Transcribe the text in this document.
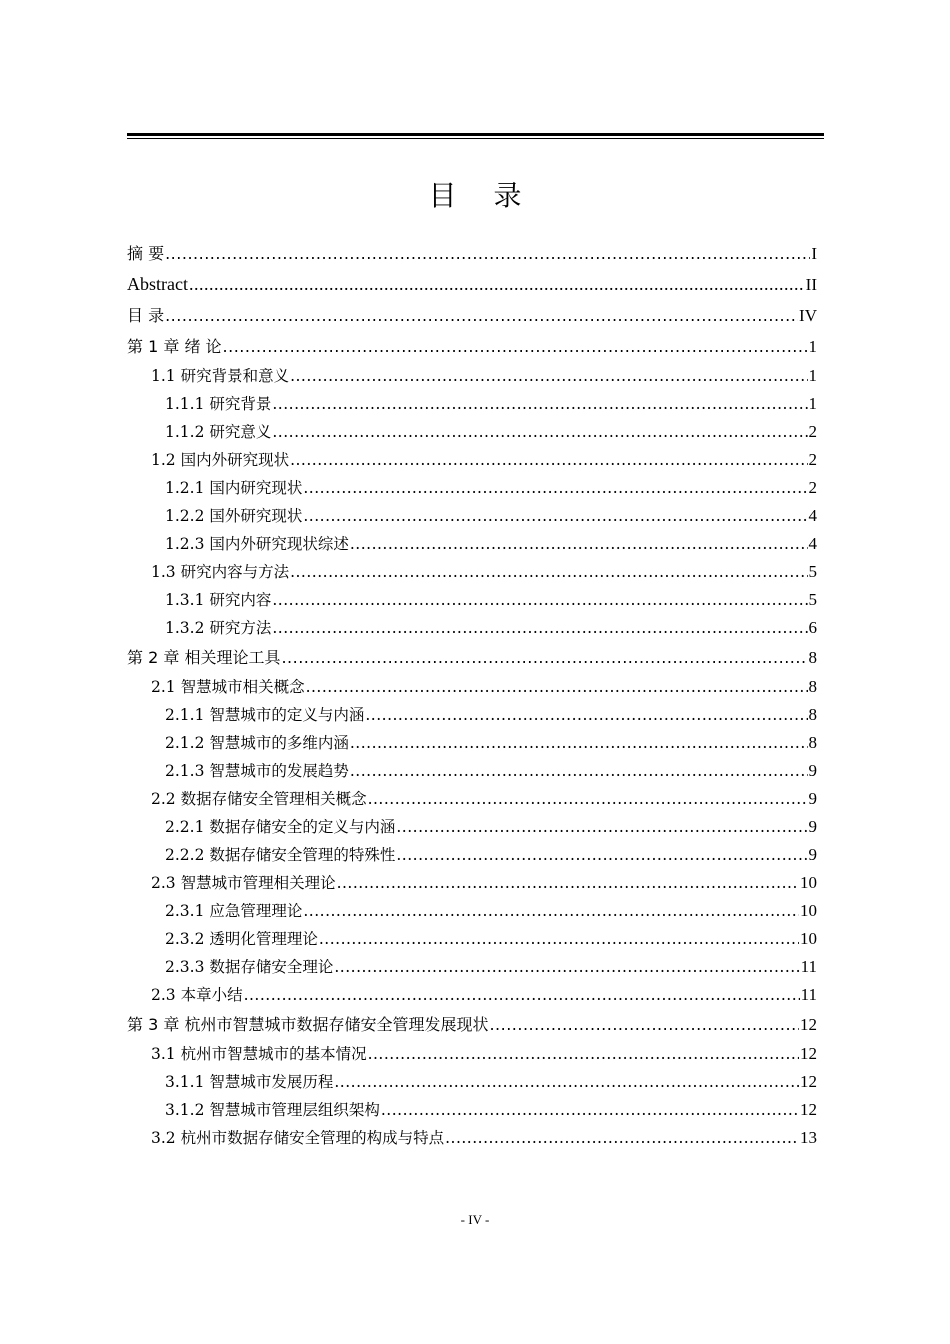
目 录
摘 要 .....	I
Abstract .....	II
目 录 .....	IV
第 1 章 绪 论 .....	1
1.1 研究背景和意义 .....	1
1.1.1 研究背景 .....	1
1.1.2 研究意义 .....	2
1.2 国内外研究现状 .....	2
1.2.1 国内研究现状 .....	2
1.2.2 国外研究现状 .....	4
1.2.3 国内外研究现状综述 .....	4
1.3 研究内容与方法 .....	5
1.3.1 研究内容 .....	5
1.3.2 研究方法 .....	6
第 2 章 相关理论工具 .....	8
2.1 智慧城市相关概念 .....	8
2.1.1 智慧城市的定义与内涵 .....	8
2.1.2 智慧城市的多维内涵 .....	8
2.1.3 智慧城市的发展趋势 .....	9
2.2 数据存储安全管理相关概念 .....	9
2.2.1 数据存储安全的定义与内涵 .....	9
2.2.2 数据存储安全管理的特殊性 .....	9
2.3 智慧城市管理相关理论 .....	10
2.3.1 应急管理理论 .....	10
2.3.2 透明化管理理论 .....	10
2.3.3 数据存储安全理论 .....	11
2.3 本章小结 .....	11
第 3 章 杭州市智慧城市数据存储安全管理发展现状 .....	12
3.1 杭州市智慧城市的基本情况 .....	12
3.1.1 智慧城市发展历程 .....	12
3.1.2 智慧城市管理层组织架构 .....	12
3.2 杭州市数据存储安全管理的构成与特点 .....	13
- IV -
